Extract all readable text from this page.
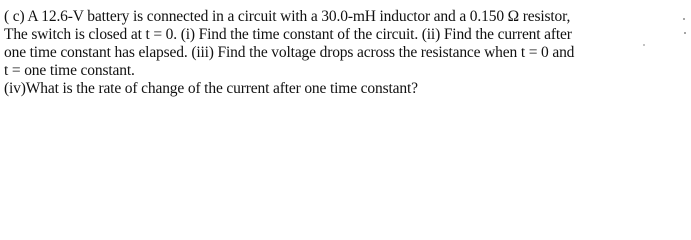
( c) A 12.6-V battery is connected in a circuit with a 30.0-mH inductor and a 0.150 Ω resistor,
The switch is closed at t = 0. (i) Find the time constant of the circuit. (ii) Find the current after
one time constant has elapsed. (iii) Find the voltage drops across the resistance when t = 0 and
t = one time constant.
(iv)What is the rate of change of the current after one time constant?
